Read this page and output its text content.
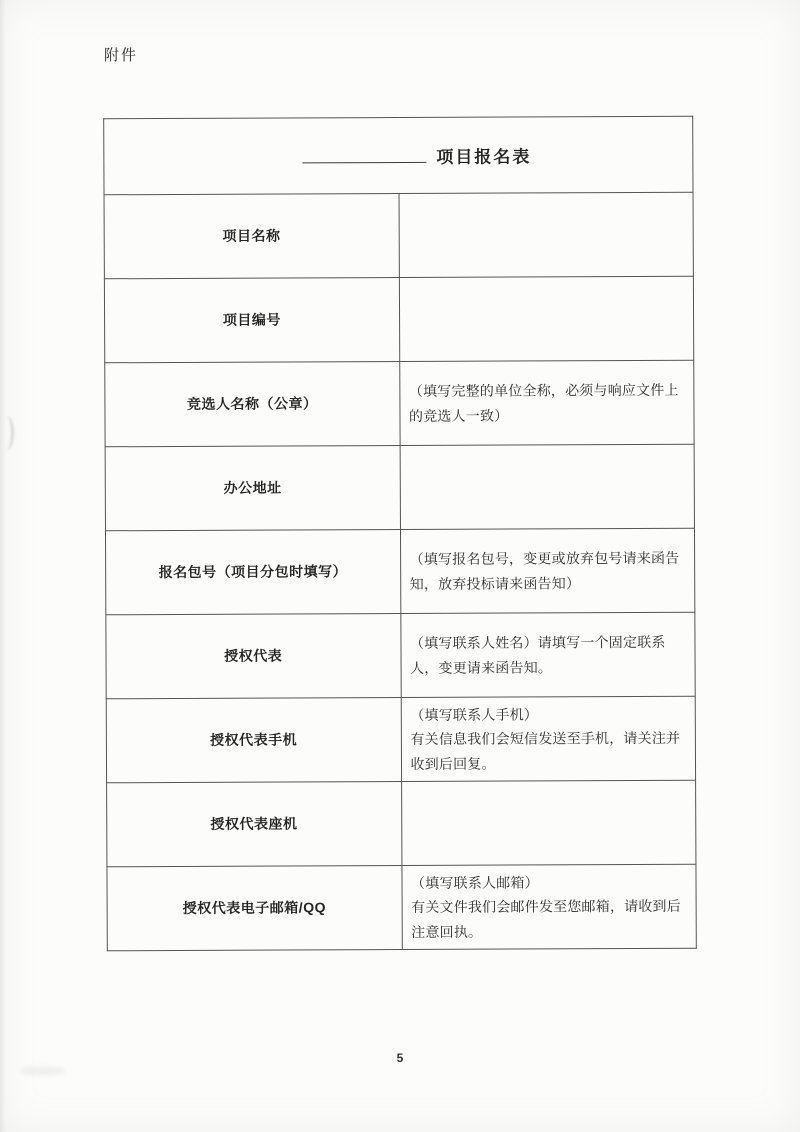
附件
项目报名表	
项目名称	
项目编号	
竞选人名称（公章）	（填写完整的单位全称，必须与响应文件上的竞选人一致）
办公地址	
报名包号（项目分包时填写）	（填写报名包号，变更或放弃包号请来函告知，放弃投标请来函告知）
授权代表	（填写联系人姓名）请填写一个固定联系人，变更请来函告知。
授权代表手机	（填写联系人手机）
有关信息我们会短信发送至手机，请关注并收到后回复。
授权代表座机	
授权代表电子邮箱/QQ	（填写联系人邮箱）
有关文件我们会邮件发至您邮箱，请收到后注意回执。
5
